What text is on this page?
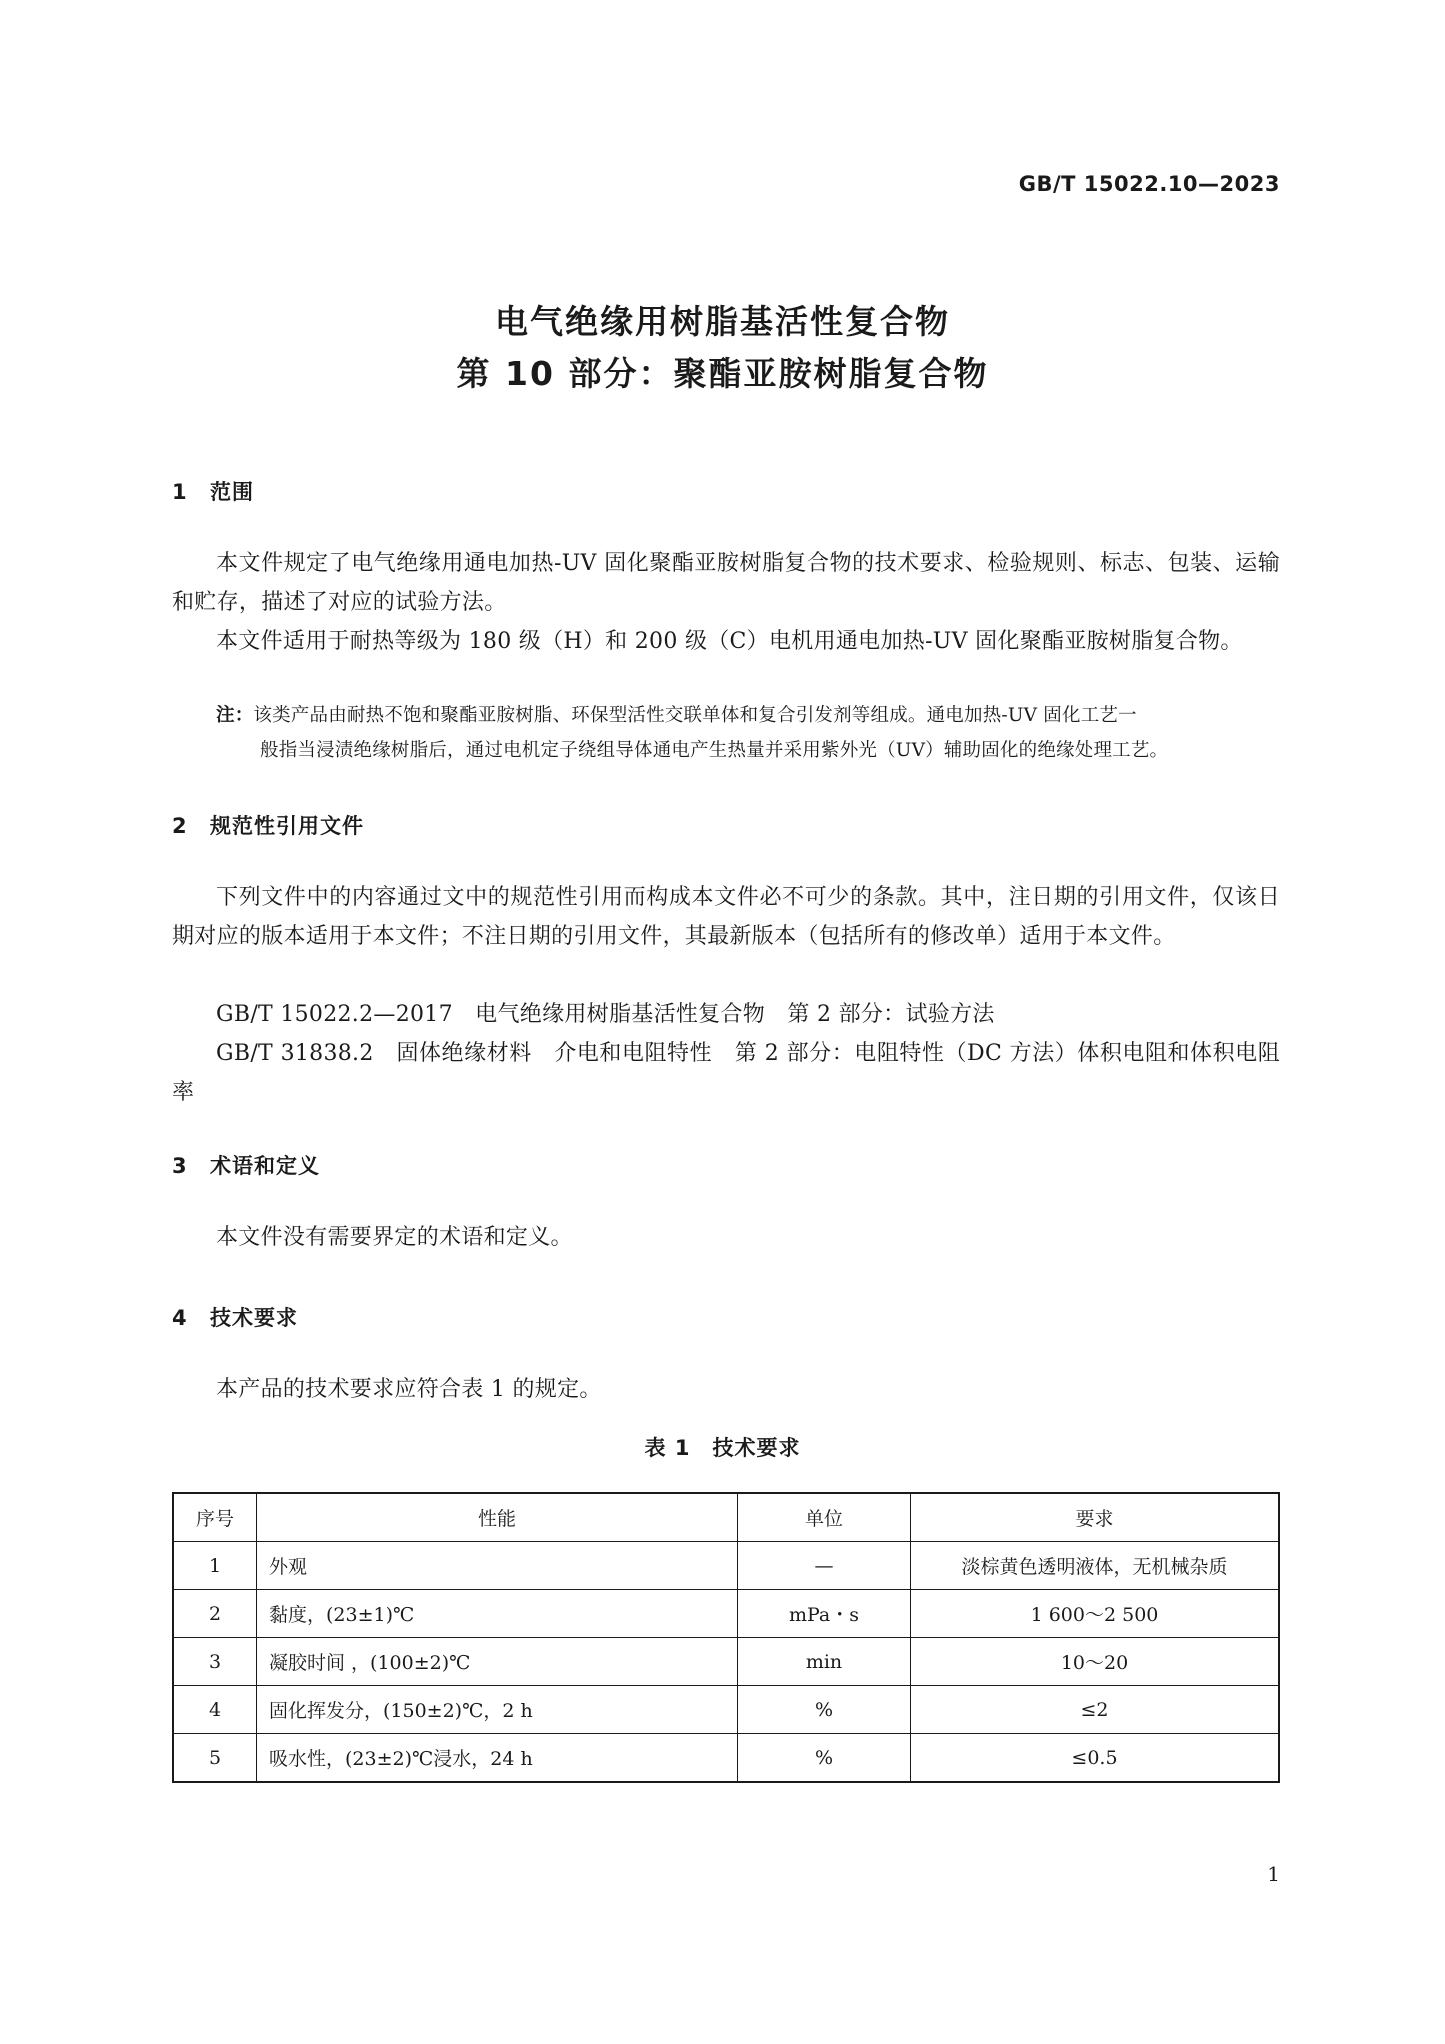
GB/T 15022.10—2023
电气绝缘用树脂基活性复合物
第 10 部分：聚酯亚胺树脂复合物
1 范围
本文件规定了电气绝缘用通电加热-UV 固化聚酯亚胺树脂复合物的技术要求、检验规则、标志、包装、运输和贮存，描述了对应的试验方法。
本文件适用于耐热等级为 180 级（H）和 200 级（C）电机用通电加热-UV 固化聚酯亚胺树脂复合物。
注：该类产品由耐热不饱和聚酯亚胺树脂、环保型活性交联单体和复合引发剂等组成。通电加热-UV 固化工艺一
般指当浸渍绝缘树脂后，通过电机定子绕组导体通电产生热量并采用紫外光（UV）辅助固化的绝缘处理工艺。
2 规范性引用文件
下列文件中的内容通过文中的规范性引用而构成本文件必不可少的条款。其中，注日期的引用文件，仅该日期对应的版本适用于本文件；不注日期的引用文件，其最新版本（包括所有的修改单）适用于本文件。
GB/T 15022.2—2017　电气绝缘用树脂基活性复合物　第 2 部分：试验方法
GB/T 31838.2　固体绝缘材料　介电和电阻特性　第 2 部分：电阻特性（DC 方法）体积电阻和体积电阻率
3 术语和定义
本文件没有需要界定的术语和定义。
4 技术要求
本产品的技术要求应符合表 1 的规定。
表 1 技术要求
序号	性能	单位	要求
1	外观	—	淡棕黄色透明液体，无机械杂质
2	黏度，(23±1)℃	mPa・s	1 600～2 500
3	凝胶时间 ，(100±2)℃	min	10～20
4	固化挥发分，(150±2)℃，2 h	%	≤2
5	吸水性，(23±2)℃浸水，24 h	%	≤0.5
1
